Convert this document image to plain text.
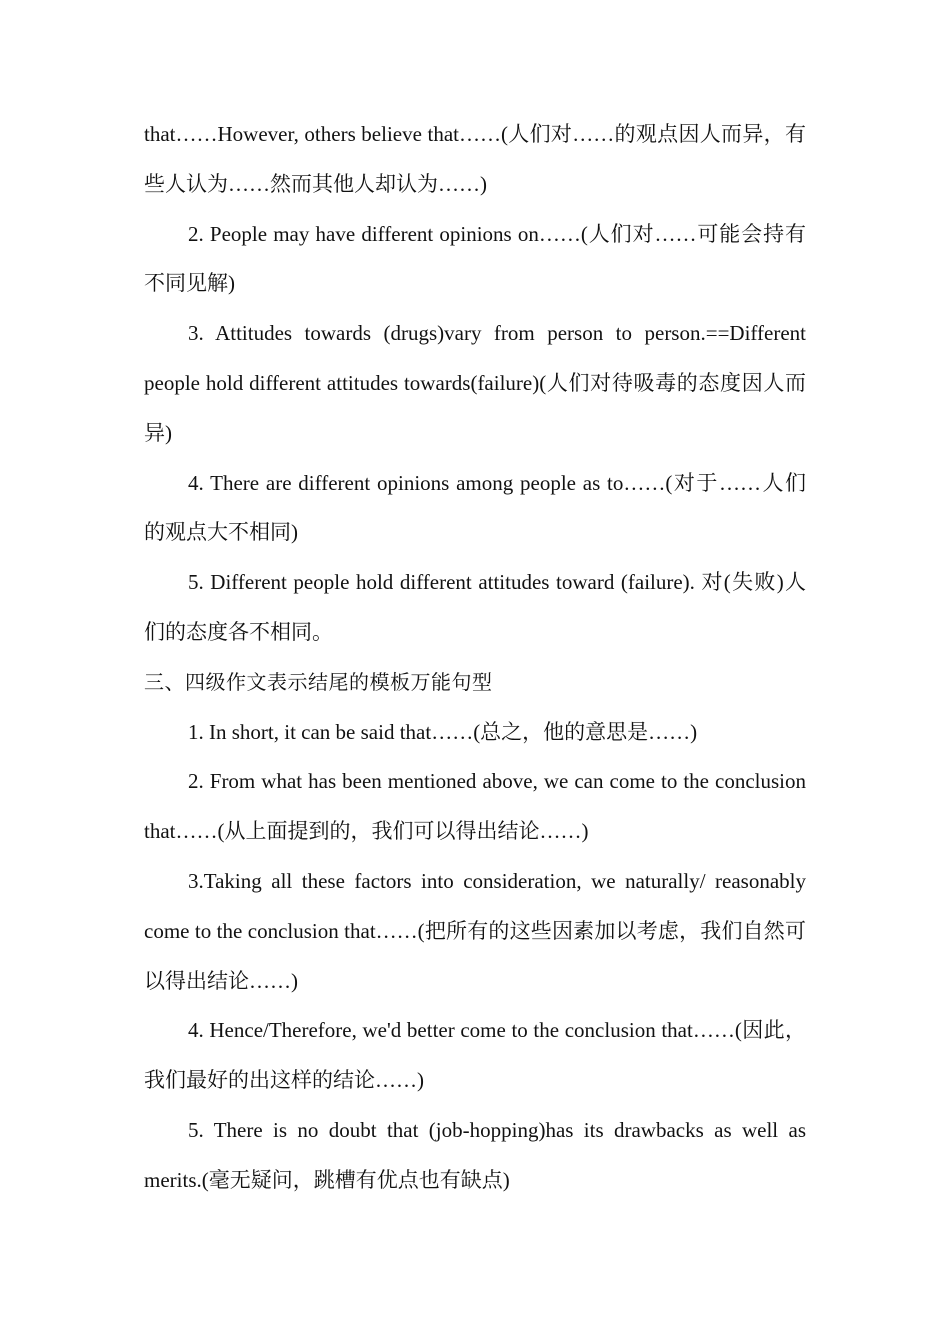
that……However, others believe that……(人们对……的观点因人而异，有些人认为……然而其他人却认为……)

2. People may have different opinions on……(人们对……可能会持有不同见解)

3. Attitudes towards (drugs)vary from person to person.==Different people hold different attitudes towards(failure)(人们对待吸毒的态度因人而异)

4. There are different opinions among people as to……(对于……人们的观点大不相同)

5. Different people hold different attitudes toward (failure). 对(失败)人们的态度各不相同。

三、四级作文表示结尾的模板万能句型

1. In short, it can be said that……(总之，他的意思是……)

2. From what has been mentioned above, we can come to the conclusion that……(从上面提到的，我们可以得出结论……)

3.Taking all these factors into consideration, we naturally/ reasonably come to the conclusion that……(把所有的这些因素加以考虑，我们自然可以得出结论……)

4. Hence/Therefore, we'd better come to the conclusion that……(因此，我们最好的出这样的结论……)

5. There is no doubt that (job-hopping)has its drawbacks as well as merits.(毫无疑问，跳槽有优点也有缺点)
